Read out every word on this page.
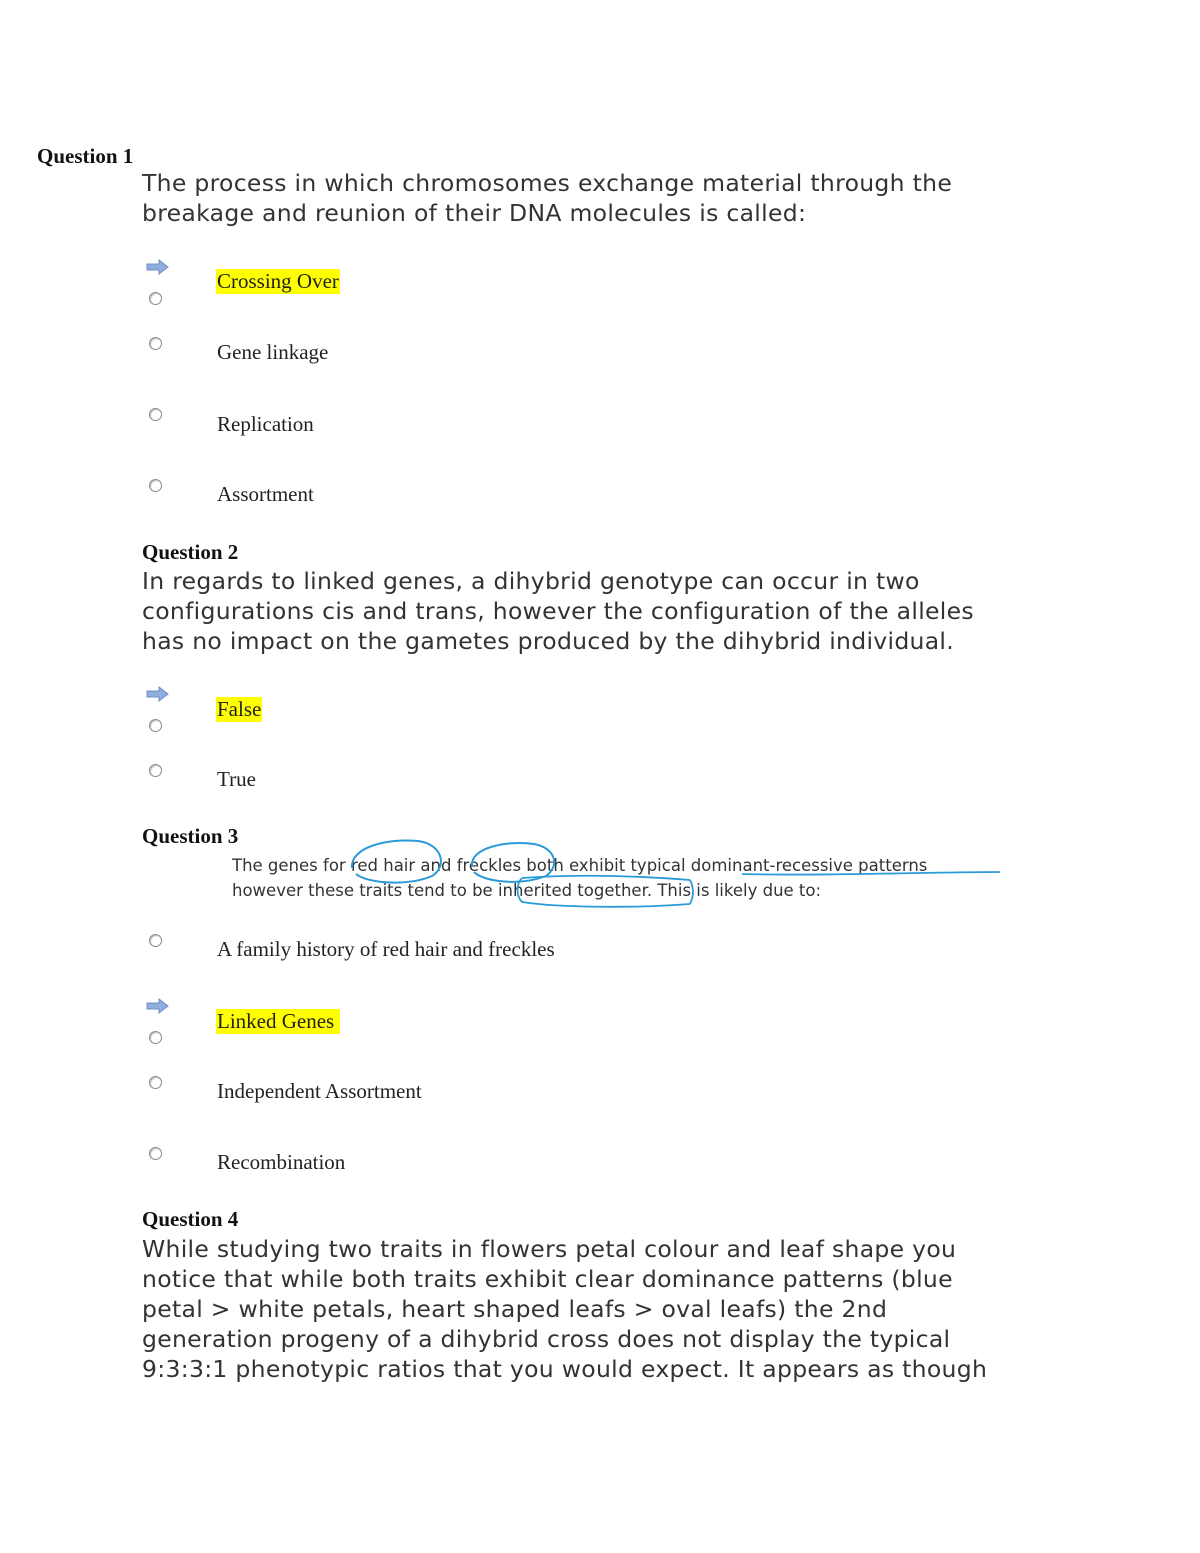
Question 1
The process in which chromosomes exchange material through the
breakage and reunion of their DNA molecules is called:
Crossing Over
Gene linkage
Replication
Assortment
Question 2
In regards to linked genes, a dihybrid genotype can occur in two
configurations cis and trans, however the configuration of the alleles
has no impact on the gametes produced by the dihybrid individual.
False
True
Question 3
The genes for red hair and freckles both exhibit typical dominant-recessive patterns
however these traits tend to be inherited together. This is likely due to:
A family history of red hair and freckles
Linked Genes
Independent Assortment
Recombination
Question 4
While studying two traits in flowers petal colour and leaf shape you
notice that while both traits exhibit clear dominance patterns (blue
petal > white petals, heart shaped leafs > oval leafs) the 2nd
generation progeny of a dihybrid cross does not display the typical
9:3:3:1 phenotypic ratios that you would expect. It appears as though
